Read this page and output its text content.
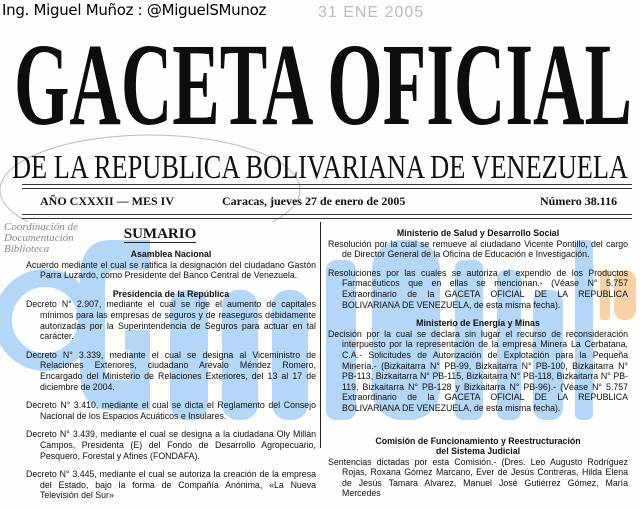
Ing. Miguel Muñoz : @MiguelSMunoz	31 ENE 2005
GACETA OFICIAL
DE LA REPUBLICA BOLIVARIANA DE VENEZUELA
AÑO CXXXII — MES IV	Caracas, jueves 27 de enero de 2005	Número 38.116
Coordinación de
Documentación
Biblioteca
SUMARIO
Asamblea Nacional
Acuerdo mediante el cual se ratifica la designación del ciudadano Gastón Parra Luzardo, como Presidente del Banco Central de Venezuela.
Presidencia de la República
Decreto N° 2.907, mediante el cual se rige el aumento de capitales mínimos para las empresas de seguros y de reaseguros debidamente autorizadas por la Superintendencia de Seguros para actuar en tal carácter.
Decreto N° 3.339, mediante el cual se designa al Viceministro de Relaciones Exteriores, ciudadano Arévalo Méndez Romero, Encargado del Ministerio de Relaciones Exteriores, del 13 al 17 de diciembre de 2004.
Decreto N° 3.410, mediante el cual se dicta el Reglamento del Consejo Nacional de los Espacios Acuáticos e Insulares.
Decreto N° 3.439, mediante el cual se designa a la ciudadana Oly Millán Campos, Presidenta (E) del Fondo de Desarrollo Agropecuario, Pesquero, Forestal y Afines (FONDAFA).
Decreto N° 3.445, mediante el cual se autoriza la creación de la empresa del Estado, bajo la forma de Compañía Anónima, «La Nueva Televisión del Sur»
Ministerio de Salud y Desarrollo Social
Resolución por la cual se remueve al ciudadano Vicente Pontillo, del cargo de Director General de la Oficina de Educación e Investigación.
Resoluciones por las cuales se autoriza el expendio de los Productos Farmacéuticos que en ellas se mencionan.- (Véase N° 5.757 Extraordinario de la GACETA OFICIAL DE LA REPUBLICA BOLIVARIANA DE VENEZUELA, de esta misma fecha).
Ministerio de Energía y Minas
Decisión por la cual se declara sin lugar el recurso de reconsideración interpuesto por la representación de la empresa Minera La Cerbatana, C.A.- Solicitudes de Autorización de Explotación para la Pequeña Minería.- (Bizkaitarra N° PB-99, Bizkaitarra N° PB-100, Bizkaitarra N° PB-113, Bizkaitarra N° PB-115, Bizkaitarra N° PB-118, Bizkaitarra N° PB-119, Bizkaitarra N° PB-128 y Bizkaitarra N° PB-96).- (Véase N° 5.757 Extraordinario de la GACETA OFICIAL DE LA REPUBLICA BOLIVARIANA DE VENEZUELA, de esta misma fecha).
Comisión de Funcionamiento y Reestructuración del Sistema Judicial
Sentencias dictadas por esta Comisión.- (Dres. Leo Augusto Rodríguez Rojas, Roxana Gómez Marcano, Ever de Jesús Contreras, Hilda Elena de Jesús Tamara Alvarez, Manuel José Gutiérrez Gómez, María Mercedes
